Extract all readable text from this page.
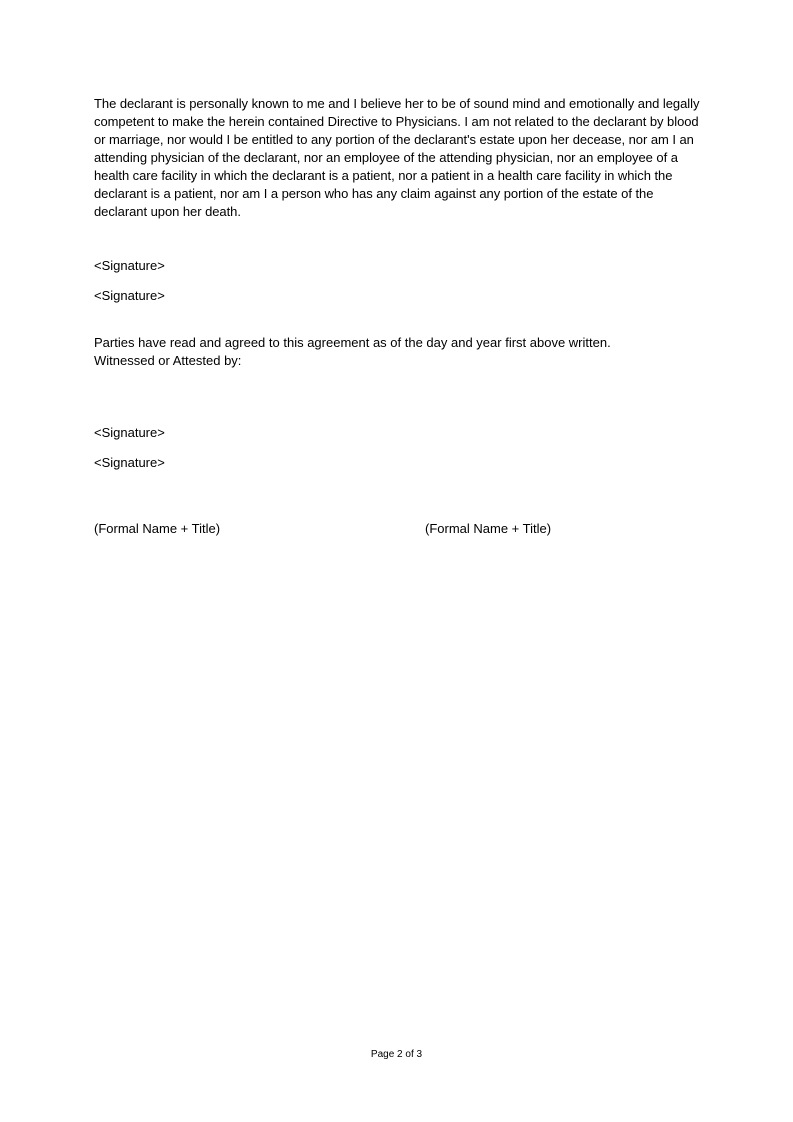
The declarant is personally known to me and I believe her to be of sound mind and emotionally and legally competent to make the herein contained Directive to Physicians. I am not related to the declarant by blood or marriage, nor would I be entitled to any portion of the declarant's estate upon her decease, nor am I an attending physician of the declarant, nor an employee of the attending physician, nor an employee of a health care facility in which the declarant is a patient, nor a patient in a health care facility in which the declarant is a patient, nor am I a person who has any claim against any portion of the estate of the declarant upon her death.

<Signature>

<Signature>

Parties have read and agreed to this agreement as of the day and year first above written.

Witnessed or Attested by:

<Signature>

<Signature>

(Formal Name + Title)	(Formal Name + Title)

Page 2 of 3
